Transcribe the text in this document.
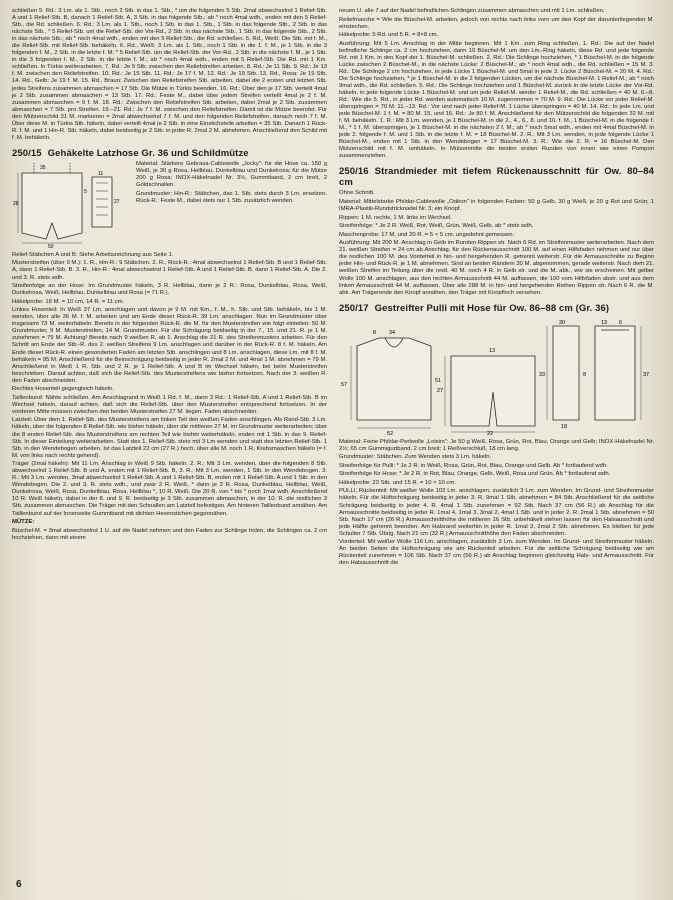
schließen 5. Rd.: 3 Lm. als 1. Stb., noch 2 Stb. in das 1. Stb., * um die folgenden 5 Stb. 2mal abwechselnd 1 Relief-Stb. A und 1 Relief-Stb. B, danach 1 Relief-Stb. A, 3 Stb. in das folgende Stb.; ab * noch 4mal wdh., enden mit den 5 Relief-Stb., die Rd. schließen. 6. Rd.: 3 Lm. als 1. Stb., noch 1 Stb. in das 1. Stb., 1 Stb. in das folgende Stb., 2 Stb. in das nächste Stb., * 5 Relief-Stb. um die Relief-Stb. der Vor-Rd., 2 Stb. in das nächste Stb., 1 Stb. in das folgende Stb., 2 Stb. in das nächste Stb.; ab * noch 4mal wdh., enden mit den 5 Relief-Stb., die Rd. schließen. 5. Rd., Weiß: Die Stb. mit f. M., die Relief-Stb. mit Relief-Stb. behäkeln. 6. Rd., Weiß: 3 Lm. als 1. Stb., noch 1 Stb. in die 1. f. M., je 1 Stb. in die 3 folgenden f. M., 2 Stb. in die letzte f. M. * 5 Relief-Stb. um die Relief-Stb. der Vor-Rd., 2 Stb. in die nächste f. M., je 1 Stb. in die 3 folgenden f. M., 2 Stb. in die letzte f. M.; ab * noch 4mal wdh., enden mit 5 Relief-Stb. Die Rd. mit 1 Km. schließen. In Türkis weiterarbeiten. 7. Rd.: Je 9 Stb. zwischen den Reliefstreifen arbeiten. 8. Rd.: Je 11 Stb. 9. Rd.: Je 13 f. M. zwischen den Reliefstreifen. 10. Rd.: Je 15 Stb. 11. Rd.: Je 17 f. M. 12. Rd.: Je 19 Stb. 13. Rd., Rosa: Je 19 Stb. 14. Rd., Gelb: Je 19 f. M. 15. Rd., Braun: Zwischen den Reliefstreifen Stb. arbeiten, dabei die 2 ersten und letzten Stb. jedes Streifens zusammen abmaschen = 17 Stb. Die Mütze in Türkis beenden. 16. Rd.: Über den je 17 Stb. verteilt 4mal je 2 Stb. zusammen abmaschen = 13 Stb. 17. Rd.: Feste M., dabei über jedem Streifen verteilt 4mal je 2 f. M. zusammen abmaschen = 9 f. M. 18. Rd.: Zwischen den Reliefstreifen Stb. arbeiten, dabei 2mal je 2 Stb. zusammen abmaschen = 7 Stb. pro Streifen. 19.–21. Rd.: Je 7 f. M. zwischen den Reliefstreifen. Damit ist die Mütze beendet. Für den Mützenschild 31 M. markieren = 2mal abwechselnd 7 f. M. und den folgenden Reliefstreifen, danach noch 7 f. M. Über diese M. in Türkis Stb. häkeln, dabei verteilt 4mal je 2 Stb. in eine Einstichstelle arbeiten = 35 Stb. Danach 1 Rück-R. f. M. und 1 Hin-R. Stb. häkeln, dabei beidseitig je 2 Stb. in jeder R. 2mal 2 M. abnehmen. Anschließend den Schild mit f. M. behäkeln.

250/15 Gehäkelte Latzhose Gr. 36 und Schildmütze
35
28
5
11
27
50

Material: Stärkere Gebrasa-Cablewolle „Jocky“: für die Hose ca. 150 g Weiß, je 30 g Rosa, Hellblau, Dunkelblau und Dunkelrosa; für die Mütze 200 g Rosa; INOX-Häkelnadel Nr. 3½, Gummiband, 2 cm breit, 2 Goldschnallen.

Grundmuster: Hin-R.: Stäbchen, das 1. Stb. stets durch 3 Lm. ersetzen. Rück-R.: Feste M., dabei stets nur 1 Stb. zusätzlich wenden.

Relief-Stäbchen A und B: Siehe Arbeitszeichnung aus Seite 1.

Musterstreifen (über 9 M.): 1. R., Hin-R.: 9 Stäbchen. 2. R., Rück-R.: 4mal abwechselnd 1 Relief-Stb. B und 1 Relief-Stb. A, dann 1 Relief-Stb. B. 3. R., Hin-R.: 4mal abwechselnd 1 Relief-Stb. A und 1 Relief-Stb. B, dann 1 Relief-Stb. A. Die 2. und 3. R. stets wdh.

Streifenfolge an der Hose: Im Grundmuster häkeln, 3 R. Hellblau, dann je 2 R.: Rosa, Dunkelblau, Rosa, Weiß, Dunkelrosa, Weiß, Hellblau, Dunkelblau und Rosa (= 71 R.).

Häkelprobe: 18 M. = 10 cm, 14 R. = 11 cm.

Linkes Hosenteil: In Weiß 37 Lm. anschlagen und davon je 9 M. mit Km., f. M., h. Stb. und Stb. behäkeln, bis 1 M. wenden, über alle 36 M. f. M. arbeiten und am Ende dieser Rück-R. 39 Lm. anschlagen. Nun im Grundmuster über insgesamt 73 M. weiterhäkeln. Bereits in der folgenden Rück-R. die M. für den Musterstreifen wie folgt einteilen: 50 M. Grundmuster, 9 M. Musterstreifen, 14 M. Grundmuster. Für die Schrägung beidseitig in der 7., 15. und 21. R. je 1 M. zunehmen = 79 M. Achtung! Bereits nach 9 weißen R. ab 1. Anschlag die 21 R. des Streifenmusters arbeiten. Für den Schritt am Ende der Stb.-R. des 2. weißen Streifens 9 Lm. anschlagen und darüber in der Rück-R. 8 f. M. häkeln. Am Ende dieser Rück-R. einen gesonderten Faden am letzten Stb. anschlingen und 8 Lm. anschlagen, diese Lm. mit 8 f. M. behäkeln = 95 M. Anschließend für die Beinschrägung beidseitig in jeder R. 2mal 2 M. und 4mal 1 M. abnehmen = 79 M. Anschließend in Weiß 1 R. Stb. und 2 R. je 1 Relief-Stb. A und B im Wechsel häkeln, bei beim Musterstreifen beschrieben. Darauf achten, daß sich die Relief-Stb. des Musterstreifens wie bisher fortsetzen. Nach der 3. weißen R. den Faden abschneiden.

Rechtes Hosenteil gegengleich häkeln.

Taillenbund: Nähte schließen. Am Anschlagrand in Weiß 1 Rd. f. M., dann 3 Rd.: 1 Relief-Stb. A und 1 Relief-Stb. B im Wechsel häkeln, darauf achten, daß sich die Relief-Stb. über den Musterstreifen entsprechend fortsetzen. In der vorderen Mitte müssen zwischen den beiden Musterstreifen 27 M. liegen. Faden abschneiden.

Latzteil: Über dem 1. Relief-Stb. des Musterstreifens am linken Teil den weißen Faden anschlingen. Als Rand-Stb. 3 Lm. häkeln, über die folgenden 8 Relief-Stb. wie bisher häkeln, über die mittleren 27 M. im Grundmuster weiterarbeiten; über die 8 ersten Relief-Stb. des Musterstreifens am rechten Teil wie bisher weiterhäkeln, enden mit 1 Stb. in das 9. Relief-Stb. In dieser Einteilung weiterarbeiten. Statt des 1. Relief-Stb. stets mit 3 Lm wenden und statt des letzten Relief-Stb. 1 Stb. in den Wendebogen arbeiten. Ist das Latzteil 22 cm (27 R.) hoch, über alle M. noch 1 R. Krebsmaschen häkeln (= f. M. von links nach rechts gehend).

Träger (2mal häkeln): Mit 11 Lm. Anschlag in Weiß 9 Stb. häkeln. 2. R.: Mit 3 Lm. wenden, über die folgenden 8 Stb. abwechselnd 1 Relief-Stb. B und A, enden mit 1 Relief-Stb. B, 3. R.: Mit 3 Lm. wenden, 1 Stb. in den Wendebogen. 3. R.: Mit 3 Lm. wenden, 3mal abwechselnd 1 Relief-Stb. A und 1 Relief-Stb. B, enden mit 1 Relief-Stb. A und 1 Stb. in den Wendebogen. Die 2. und 3. R. stets wdh., und zwar 2 R. Weiß, * dann je 2 R. Rosa, Dunkelblau, Hellblau, Weiß, Dunkelrosa, Weiß, Rosa, Dunkelblau, Rosa, Hellblau *, 10 R. Weiß. Die 20 R. von * bis * noch 1mal wdh. Anschließend 10 R. Weiß häkeln, dabei in der 8. und 9. R. beidseitig je 3 Stb. zusammen abmaschen, in der 10. R. die restlichen 3 Stb. zusammen abmaschen. Die Träger mit den Schnallen am Latzteil befestigen. Am hinteren Taillenbund annähen. Am Taillenbund auf der Innenseite Gummiband mit dichten Hexenstichen gegennähen.

MÜTZE:

Büschel-M. = 3mal abwechselnd 1 U. auf die Nadel nehmen und den Faden zur Schlinge holen, die Schlingen ca. 2 cm hochziehen, dann mit einem

neuen U. alle 7 auf der Nadel befindlichen Schlingen zusammen abmaschen und mit 1 Lm. schließen.

Reliefmasche = Wie die Büschel-M. arbeiten, jedoch von rechts nach links vorn um den Kopf der darunterliegenden M. einstechen.

Häkelprobe: 5 Rd. und 5 R. = 8×8 cm.

Ausführung: Mit 5 Lm. Anschlag in der Mitte beginnen. Mit 1 Km. zum Ring schließen. 1. Rd.: Die auf der Nadel befindliche Schlinge ca. 2 cm hochziehen, dann 10 Büschel-M. um den Lm.-Ring häkeln, diese Rd. und jede folgende Rd. mit 1 Km. in den Kopf der 1. Büschel-M. schließen. 2. Rd.: Die Schlinge hochziehen, * 1 Büschel-M. in die folgende Lücke zwischen 2 Büschel-M., in die nächste Lücke: 2 Büschel-M.; ab * noch 4mal wdh., die Rd. schließen = 15 M. 3. Rd.: Die Schlinge 2 cm hochziehen, in jede Lücke 1 Büschel-M. und 5mal in jede 3. Lücke 2 Büschel-M. = 20 M. 4. Rd.: Die Schlinge hochziehen, * je 1 Büschel-M. in die 2 folgenden Lücken, um die nächste Büschel-M. 1 Relief-M.; ab * noch 9mal wdh., die Rd. schließen. 5. Rd.: Die Schlinge hochziehen und 1 Büschel-M. zurück in die letzte Lücke der Vor-Rd. häkeln, in jede folgende Lücke 1 Büschel-M. und um jede Relief-M. wieder 1 Relief-M., die Rd. schließen = 40 M. 6.–8. Rd.: Wie die 5. Rd., in jeder Rd. werden automatisch 10 M. zugenommen = 70 M. 9. Rd.: Die Lücke vor jeder Relief-M. überspringen = 70 M. 11.–13. Rd.: Vor und nach jeder Relief-M. 1 Lücke überspringen = 40 M. 14. Rd.: In jede Lm. und jede Büschel-M. 1 f. M. = 80 M. 15. und 16. Rd.: Je 80 f. M. Anschließend für den Mützenschild die folgenden 32 M. mit f. M. behäkeln. 1. R.: Mit 3 Lm. wenden, je 1 Büschel-M. in die 2., 4., 6., 8. und 10. f. M., 1 Büschel-M. in die folgende f. M., * 1 f. M. überspringen, je 1 Büschel-M. in die nächsten 2 f. M.; ab * noch 5mal wdh., enden mit 4mal Büschel-M. in jede 2. folgende f. M. und 1 Stb. in die letzte f. M. = 18 Büschel-M. 2. R.: Mit 3 Lm. wenden, in jede folgende Lücke 1 Büschel-M., enden mit 1 Stb. in den Wendebogen = 17 Büschel-M. 3. R.: Wie die 2. R. = 16 Büschel-M. Den Mützenschild mit f. M. umhäkeln. In Mützenmitte die beiden ersten Runden von innen wie einen Pompon zusammenziehen.

250/16 Strandmieder mit tiefem Rückenausschnitt für Ow. 80–84 cm

Ohne Schnitt.

Material: Mittelstarke Phildar-Cablewolle „Odéon“ in folgenden Farben: 50 g Gelb, 30 g Weiß, je 20 g Rot und Grün; 1 IMRA-Plastik-Rundstricknadel Nr. 3; ein Knopf.

Rippen: 1 M. rechts, 1 M. links im Wechsel.

Streifenfolge: * Je 2 R. Weiß, Rot, Weiß, Grün, Weiß, Gelb, ab * stets wdh.

Maschenprobe: 17 M. und 20 R. = 5 × 5 cm, ungedehnt gemessen.

Ausführung: Mit 200 M. Anschlag in Gelb im Runden Rippen str. Nach 6 Rd. im Streifenmuster weiterarbeiten. Nach dem 21. weißen Streifen = 24 cm ab Anschlag, für den Rückenausschnitt 100 M. auf einen Hilfsfaden nehmen und nur über die restlichen 100 M. des Vorderteil in hin- und hergehenden R. getrennt weiterstr. Für die Armausschnitte zu Beginn jeder Hin- und Rück-R. je 1 M. abnehmen. Sind an beiden Rändern 30 M. abgenommen, gerade weiterstr. Nach dem 21. weißen Streifen im Teilung über die restl. 40 M. noch 4 R. in Gelb str. und die M. abk., wie sie erscheinen. Mit gelber Wolle 100 M. anschlagen, aus den rechten Armausschnitt 44 M. auffassen, die 100 vom Hilfsfaden abstr. und aus dem linken Armausschnitt 44 M. auffassen. Über alle 288 M. in hin- und hergehenden Reihen Rippen str. Nach 6 R. die M. abk. Am Trägerende den Knopf annähen, den Träger mit Knopfloch versehen.

250/17 Gestreifter Pulli mit Hose für Ow. 86–88 cm (Gr. 36)
57
51
34
27
8
13
30
8
13 6
52	22
18
37
33

Material: Feine Phildar-Perlwolle „Loisirs“: Je 50 g Weiß, Rosa, Grün, Rot, Blau, Orange und Gelb; INOX-Häkelnadel Nr. 2½; 65 cm Gummigurtband, 2 cm breit; 1 Reißverschluß, 18 cm lang.

Grundmuster: Stäbchen. Zum Wenden stets 3 Lm. häkeln.

Streifenfolge für Pulli: * Je 2 R. in Weiß, Rosa, Grün, Rot, Blau, Orange und Gelb. Ab * fortlaufend wdh.

Streifenfolge für Hose: * Je 2 R. in Rot, Blau, Orange, Gelb, Weiß, Rosa und Grün. Ab * fortlaufend wdh.

Häkelprobe: 23 Stb. und 15 R. = 10 × 10 cm.

PULLI, Rückenteil: Mit weißer Wolle 102 Lm. anschlagen, zusätzlich 3 Lm. zum Wenden. Im Grund- und Streifenmuster häkeln. Für die Hüftschrägung beidseitig in jeder 3. R. 9mal 1 Stb. abnehmen = 84 Stb. Anschließend für die seitliche Schrägung beidseitig in jeder 4. R. 4mal 1 Stb. zunehmen = 92 Stb. Nach 37 cm (56 R.) ab Anschlag für die Armausschnitte beidseitig in jeder R. 1mal 4, 1mal 3, 3mal 2, 4mal 1 Stb. und in jeder 2. R. 2mal 1 Stb. abnehmen = 50 Stb. Nach 17 cm (26 R.) Armausschnitthöhe die mittleren 16 Stb. unbehäkelt stehen lassen für den Halsausschnitt und jede Hälfte getrennt beenden. Am Halsrand weiterhin in jeder R. 1mal 3, 2mal 2 Stb. abnehmen. Es bleiben für jede Schulter 7 Stb. Übrig. Nach 21 cm (32 R.) Armausschnitthöhe den Faden abschneiden.

Vorderteil: Mit weißer Wolle 116 Lm. anschlagen, zusätzlich 3 Lm. zum Wenden. Im Grund- und Streifenmuster häkeln. An beiden Seiten die Hüftschrägung wie am Rückenteil arbeiten. Für die seitliche Schrägung beidseitig wie am Rückenteil zunehmen = 106 Stb. Nach 37 cm (56 R.) ab Anschlag beginnen gleichzeitig Hals- und Armausschnitt. Für den Halsausschnitt die

6
